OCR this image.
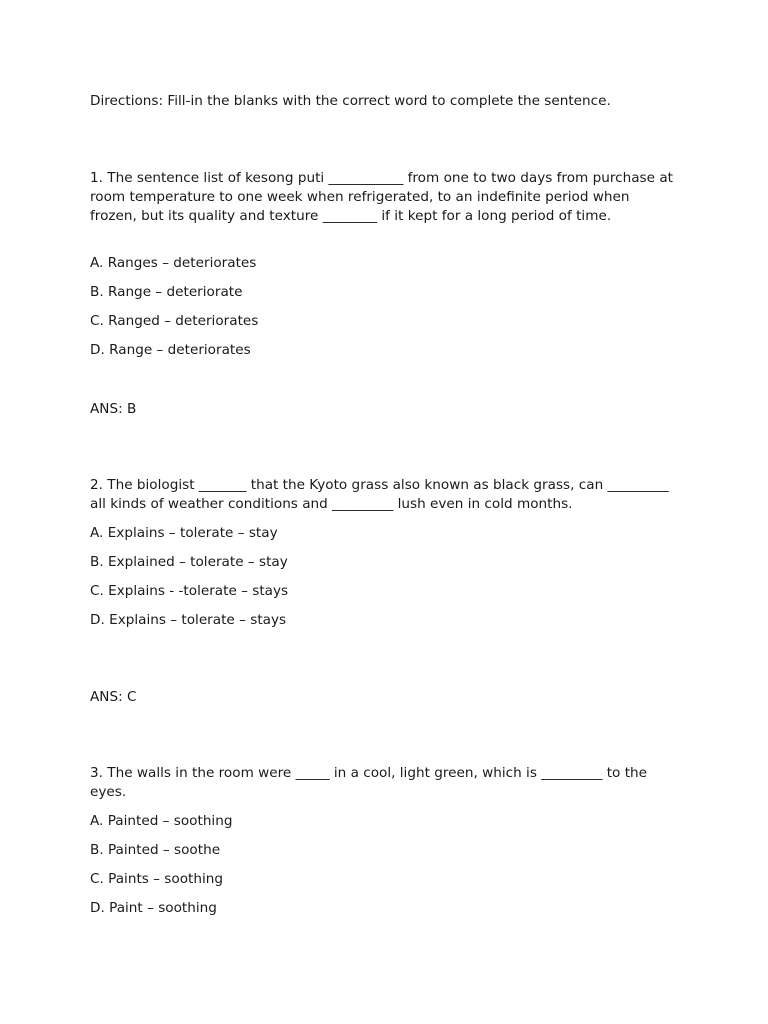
Directions: Fill-in the blanks with the correct word to complete the sentence.
1. The sentence list of kesong puti ___________ from one to two days from purchase at room temperature to one week when refrigerated, to an indefinite period when frozen, but its quality and texture ________ if it kept for a long period of time.
A. Ranges – deteriorates
B. Range – deteriorate
C. Ranged – deteriorates
D. Range – deteriorates
ANS: B
2. The biologist _______ that the Kyoto grass also known as black grass, can _________ all kinds of weather conditions and _________ lush even in cold months.
A. Explains – tolerate – stay
B. Explained – tolerate – stay
C. Explains - -tolerate – stays
D. Explains – tolerate – stays
ANS: C
3. The walls in the room were _____ in a cool, light green, which is _________ to the eyes.
A. Painted – soothing
B. Painted – soothe
C. Paints – soothing
D. Paint – soothing
